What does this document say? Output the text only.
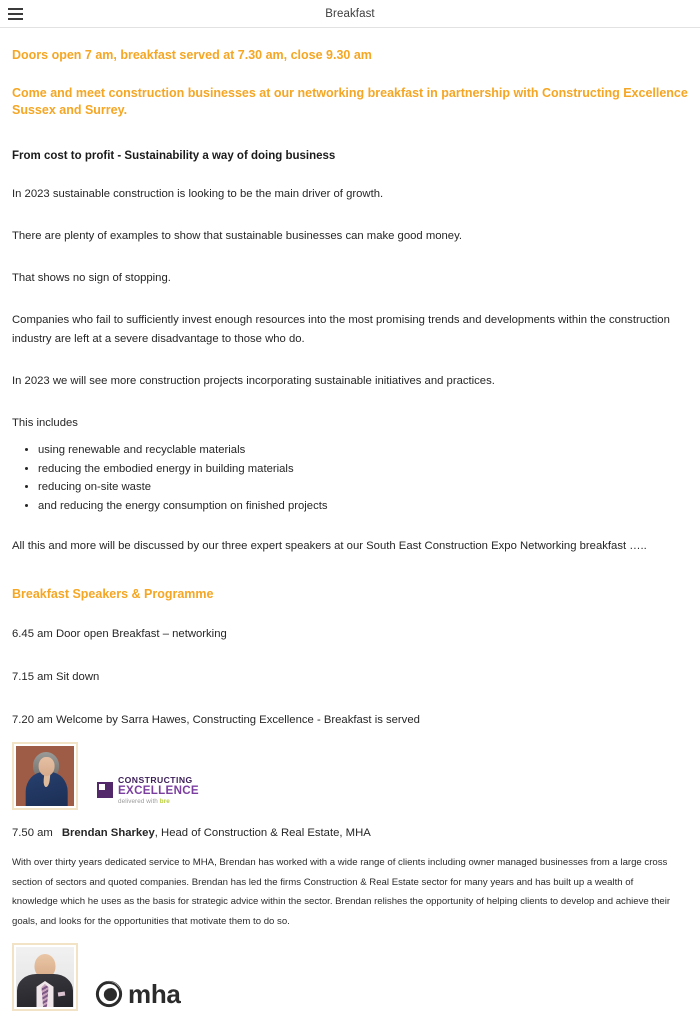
Breakfast

Doors open 7 am, breakfast served at 7.30 am, close 9.30 am

Come and meet construction businesses at our networking breakfast in partnership with Constructing Excellence Sussex and Surrey.

From cost to profit - Sustainability a way of doing business

In 2023 sustainable construction is looking to be the main driver of growth.

There are plenty of examples to show that sustainable businesses can make good money.

That shows no sign of stopping.

Companies who fail to sufficiently invest enough resources into the most promising trends and developments within the construction industry are left at a severe disadvantage to those who do.

In 2023 we will see more construction projects incorporating sustainable initiatives and practices.

This includes

• using renewable and recyclable materials
• reducing the embodied energy in building materials
• reducing on-site waste
• and reducing the energy consumption on finished projects

All this and more will be discussed by our three expert speakers at our South East Construction Expo Networking breakfast …..

Breakfast Speakers & Programme

6.45 am Door open Breakfast – networking

7.15 am Sit down

7.20 am Welcome by Sarra Hawes, Constructing Excellence - Breakfast is served

CONSTRUCTING
EXCELLENCE
delivered with bre

7.50 am Brendan Sharkey, Head of Construction & Real Estate, MHA

With over thirty years dedicated service to MHA, Brendan has worked with a wide range of clients including owner managed businesses from a large cross section of sectors and quoted companies. Brendan has led the firms Construction & Real Estate sector for many years and has built up a wealth of knowledge which he uses as the basis for strategic advice within the sector. Brendan relishes the opportunity of helping clients to develop and achieve their goals, and looks for the opportunities that motivate them to do so.

mha
